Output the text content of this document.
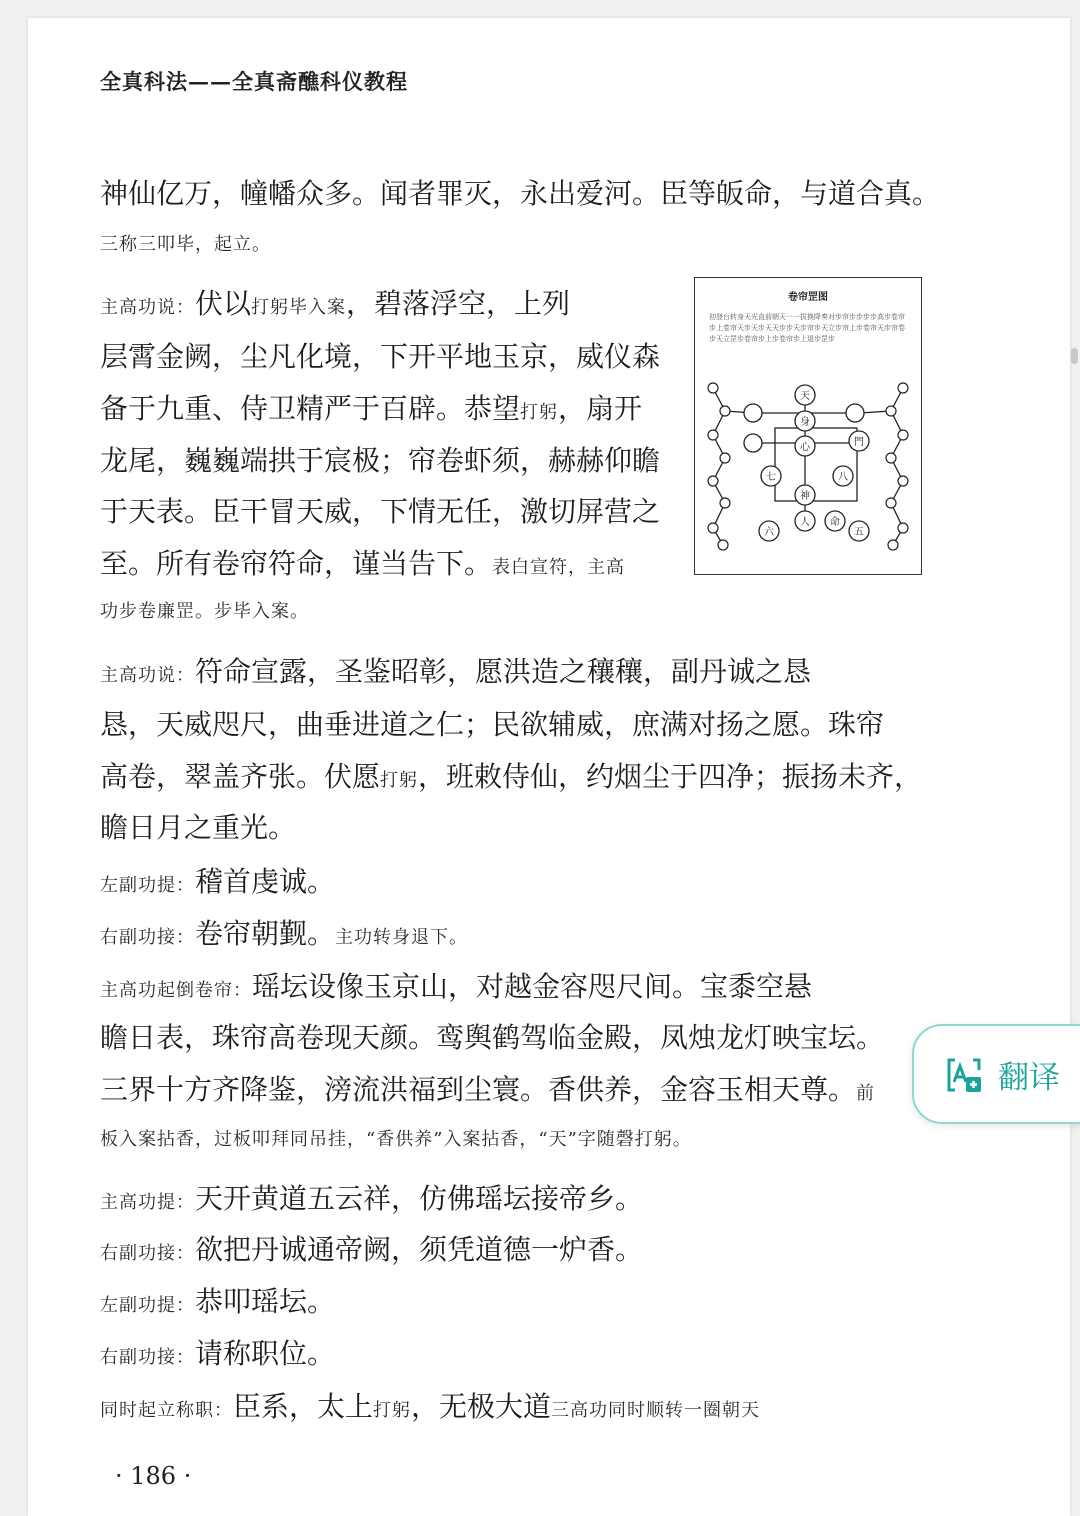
全真科法——全真斋醮科仪教程
神仙亿万，幢幡众多。闻者罪灭，永出爱河。臣等皈命，与道合真。
三称三叩毕，起立。
主高功说：伏以打躬毕入案，碧落浮空，上列
层霄金阙，尘凡化境，下开平地玉京，威仪森
备于九重、侍卫精严于百辟。恭望打躬，扇开
龙尾，巍巍端拱于宸极；帘卷虾须，赫赫仰瞻
于天表。臣干冒天威，下情无任，激切屏营之
至。所有卷帘符命，谨当告下。表白宣符，主高
功步卷廉罡。步毕入案。
主高功说：符命宣露，圣鉴昭彰，愿洪造之穰穰，副丹诚之恳
恳，天威咫尺，曲垂进道之仁；民欲辅威，庶满对扬之愿。珠帘
高卷，翠盖齐张。伏愿打躬，班敕侍仙，约烟尘于四净；振扬未齐，
瞻日月之重光。
左副功提：稽首虔诚。
右副功接：卷帘朝觐。主功转身退下。
主高功起倒卷帘：瑶坛设像玉京山，对越金容咫尺间。宝黍空悬
瞻日表，珠帘高卷现天颜。鸾舆鹤驾临金殿，凤烛龙灯映宝坛。
三界十方齐降鉴，滂流洪福到尘寰。香供养，金容玉相天尊。前
板入案拈香，过板叩拜同吊挂，“香供养”入案拈香，“天”字随磬打躬。
主高功提：天开黄道五云祥，仿佛瑶坛接帝乡。
右副功接：欲把丹诚通帝阙，须凭道德一炉香。
左副功提：恭叩瑶坛。
右副功接：请称职位。
同时起立称职：臣系，太上打躬，无极大道三高功同时顺转一圈朝天
卷帘罡图
初登台转身天光直前朝天一一拔换降奏对步帘步步步步高步卷帘步上卷帘天步天步天天步步天步帘步天立步帘上步卷帘天步帘卷步天立罡步卷帘步上步卷帘步上退步罡步
天
身
心	門
七	八
神
人 命
六	五
· 186 ·
翻译
